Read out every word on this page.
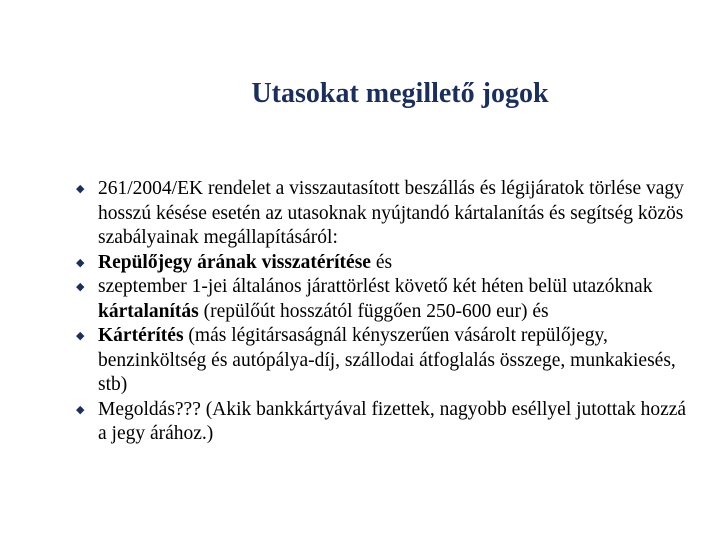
Utasokat megillető jogok
◆ 261/2004/EK rendelet a visszautasított beszállás és légijáratok törlése vagy hosszú késése esetén az utasoknak nyújtandó kártalanítás és segítség közös szabályainak megállapításáról:
◆ Repülőjegy árának visszatérítése és
◆ szeptember 1-jei általános járattörlést követő két héten belül utazóknak kártalanítás (repülőút hosszától függően 250-600 eur) és
◆ Kártérítés (más légitársaságnál kényszerűen vásárolt repülőjegy, benzinköltség és autópálya-díj, szállodai átfoglalás összege, munkakiesés, stb)
◆ Megoldás??? (Akik bankkártyával fizettek, nagyobb eséllyel jutottak hozzá a jegy árához.)
